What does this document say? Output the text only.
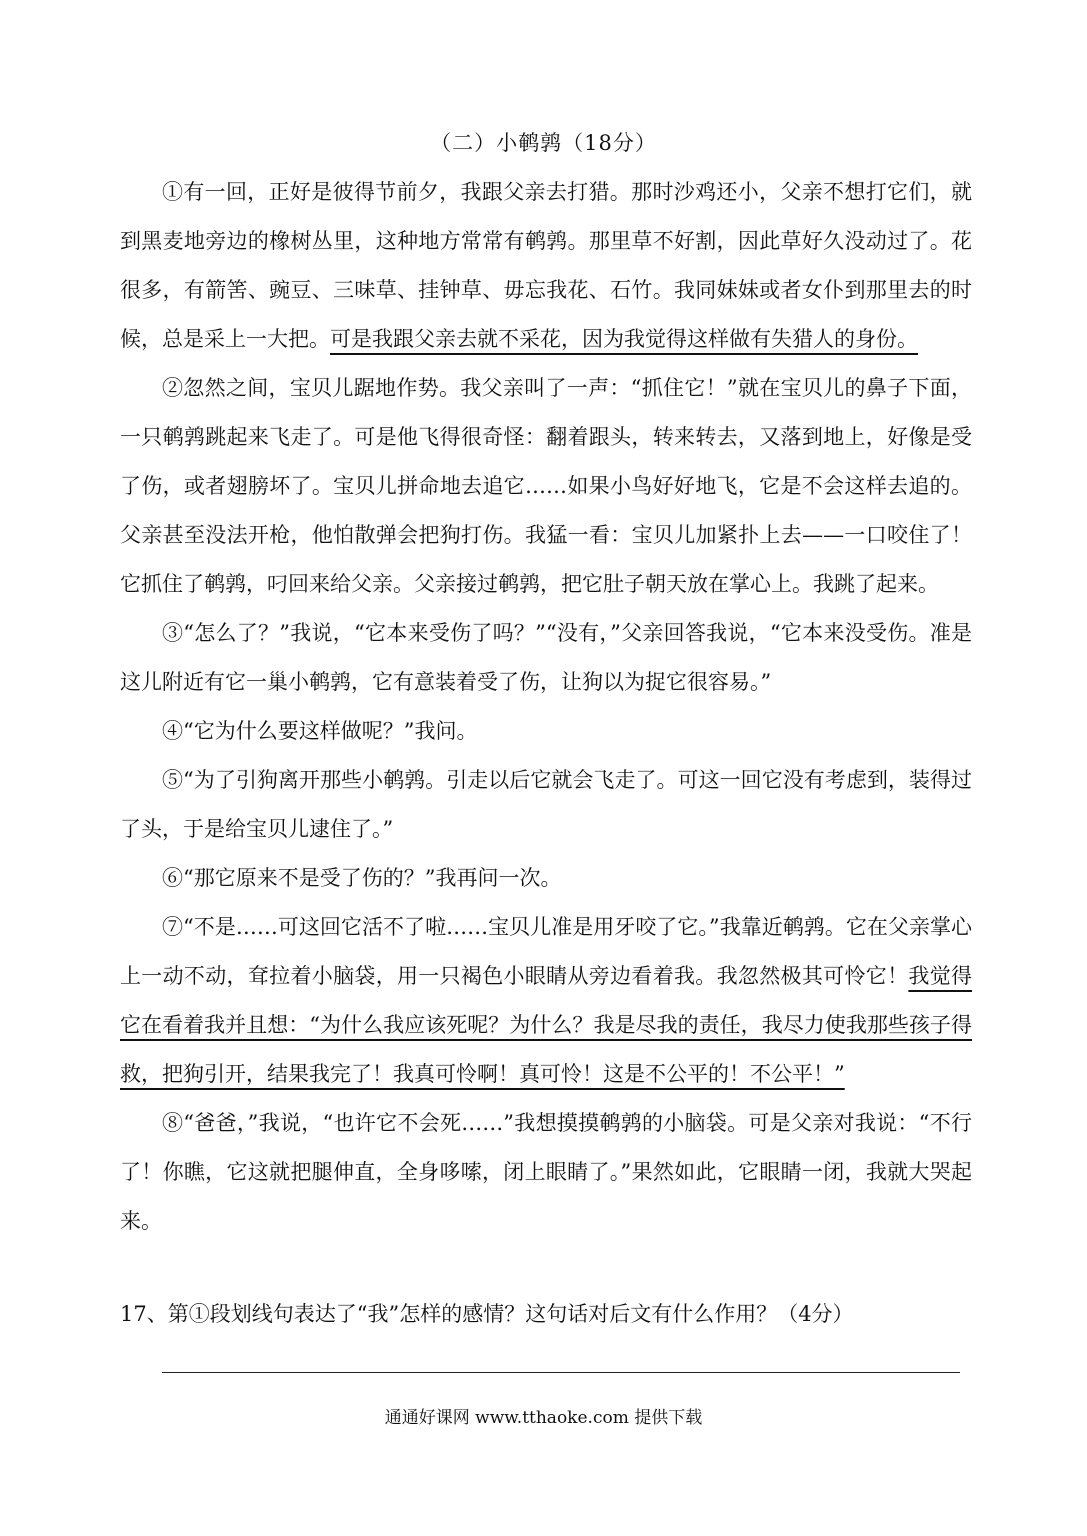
（二）小鹌鹑（18分）

①有一回，正好是彼得节前夕，我跟父亲去打猎。那时沙鸡还小，父亲不想打它们，就到黑麦地旁边的橡树丛里，这种地方常常有鹌鹑。那里草不好割，因此草好久没动过了。花很多，有箭筈、豌豆、三味草、挂钟草、毋忘我花、石竹。我同妹妹或者女仆到那里去的时候，总是采上一大把。可是我跟父亲去就不采花，因为我觉得这样做有失猎人的身份。

②忽然之间，宝贝儿踞地作势。我父亲叫了一声：“抓住它！”就在宝贝儿的鼻子下面，一只鹌鹑跳起来飞走了。可是他飞得很奇怪：翻着跟头，转来转去，又落到地上，好像是受了伤，或者翅膀坏了。宝贝儿拼命地去追它……如果小鸟好好地飞，它是不会这样去追的。父亲甚至没法开枪，他怕散弹会把狗打伤。我猛一看：宝贝儿加紧扑上去——一口咬住了！它抓住了鹌鹑，叼回来给父亲。父亲接过鹌鹑，把它肚子朝天放在掌心上。我跳了起来。

③“怎么了？”我说，“它本来受伤了吗？”“没有，”父亲回答我说，“它本来没受伤。准是这儿附近有它一巢小鹌鹑，它有意装着受了伤，让狗以为捉它很容易。”

④“它为什么要这样做呢？”我问。

⑤“为了引狗离开那些小鹌鹑。引走以后它就会飞走了。可这一回它没有考虑到，装得过了头，于是给宝贝儿逮住了。”

⑥“那它原来不是受了伤的？”我再问一次。

⑦“不是……可这回它活不了啦……宝贝儿准是用牙咬了它。”我靠近鹌鹑。它在父亲掌心上一动不动，耷拉着小脑袋，用一只褐色小眼睛从旁边看着我。我忽然极其可怜它！我觉得它在看着我并且想：“为什么我应该死呢？为什么？我是尽我的责任，我尽力使我那些孩子得救，把狗引开，结果我完了！我真可怜啊！真可怜！这是不公平的！不公平！”

⑧“爸爸，”我说，“也许它不会死……”我想摸摸鹌鹑的小脑袋。可是父亲对我说：“不行了！你瞧，它这就把腿伸直，全身哆嗦，闭上眼睛了。”果然如此，它眼睛一闭，我就大哭起来。

17、第①段划线句表达了“我”怎样的感情？这句话对后文有什么作用？（4分）

通通好课网 www.tthaoke.com 提供下载
